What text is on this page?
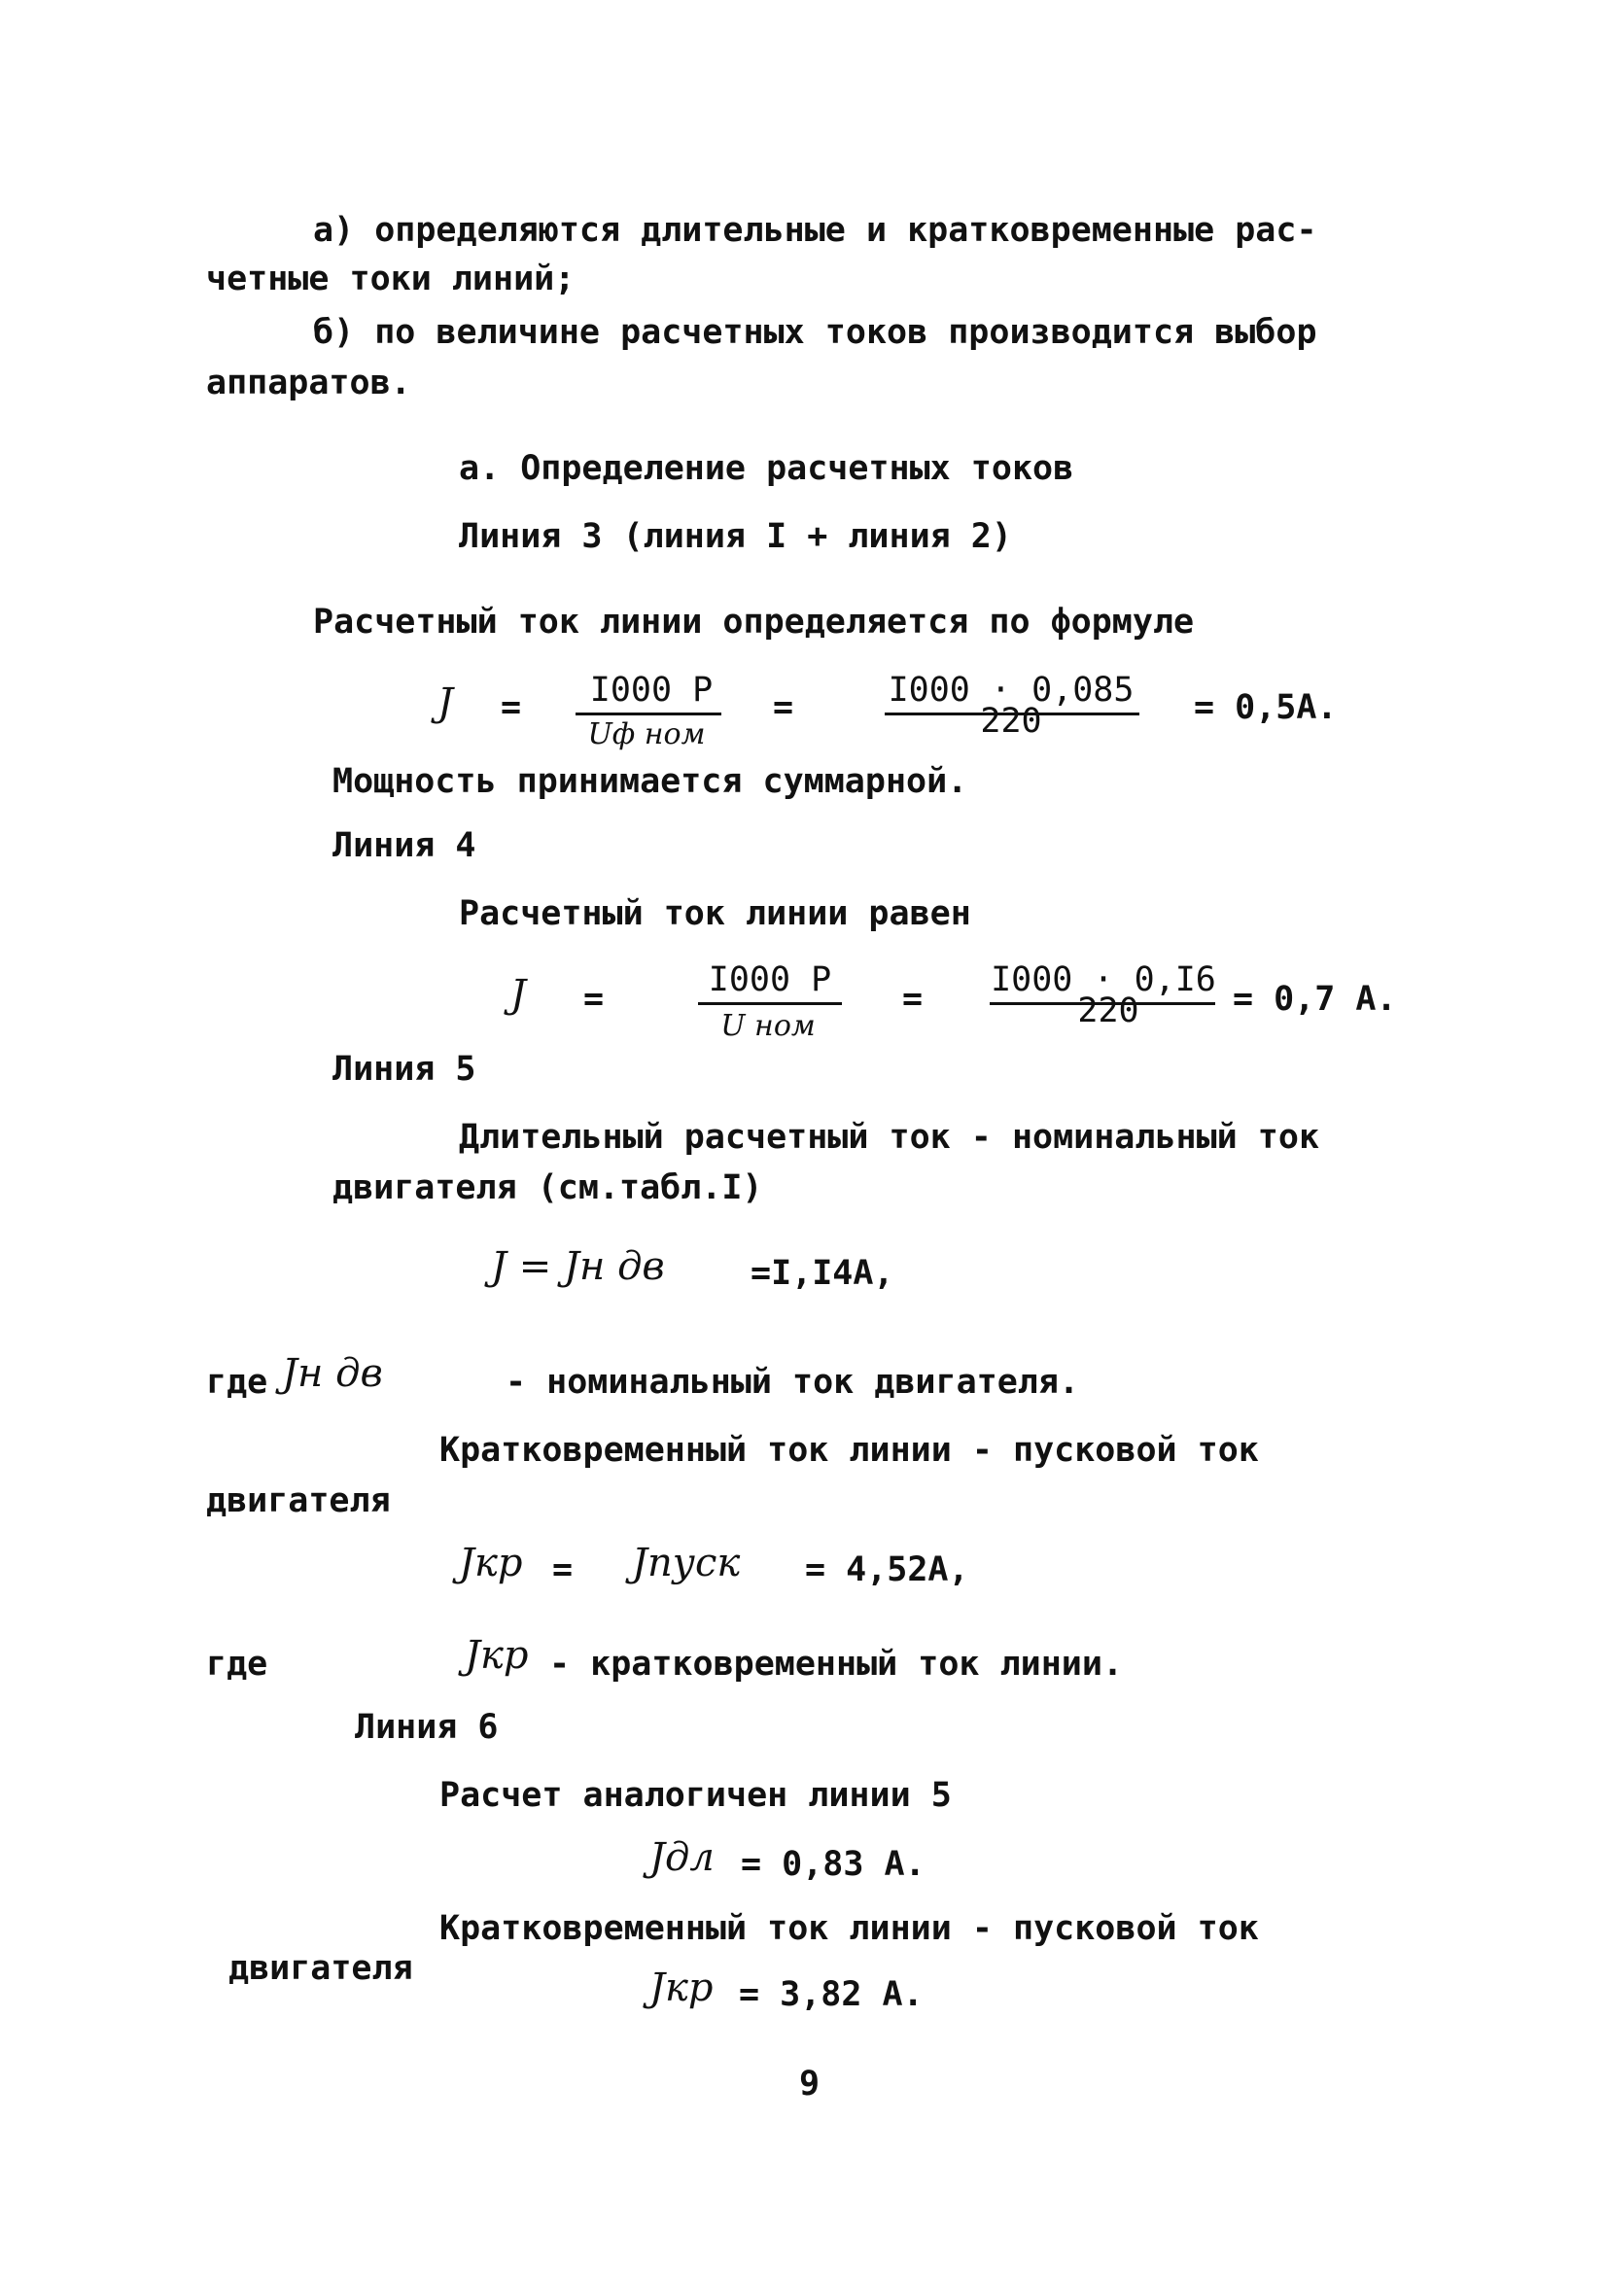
а) определяются длительные и кратковременные рас-
четные токи линий;
б) по величине расчетных токов производится выбор
аппаратов.
а. Определение расчетных токов
Линия 3 (линия I + линия 2)
Расчетный ток линии определяется по формуле
J =	I000 P
Uф ном
=	I000 · 0,085
220	= 0,5A.
Мощность принимается суммарной.
Линия 4
Расчетный ток линии равен
J =	I000 P
U ном
= I000 · 0,I6
220	= 0,7 A.
Линия 5
Длительный расчетный ток - номинальный ток
двигателя (см.табл.I)
J = Jн дв	=I,I4A,
где Jн дв	- номинальный ток двигателя.
Кратковременный ток линии - пусковой ток
двигателя
Jкр = Jпуск = 4,52A,
где	Jкр - кратковременный ток линии.
Линия 6
Расчет аналогичен линии 5
Jдл = 0,83 A.
Кратковременный ток линии - пусковой ток
двигателя	Jкр = 3,82 A.
9
